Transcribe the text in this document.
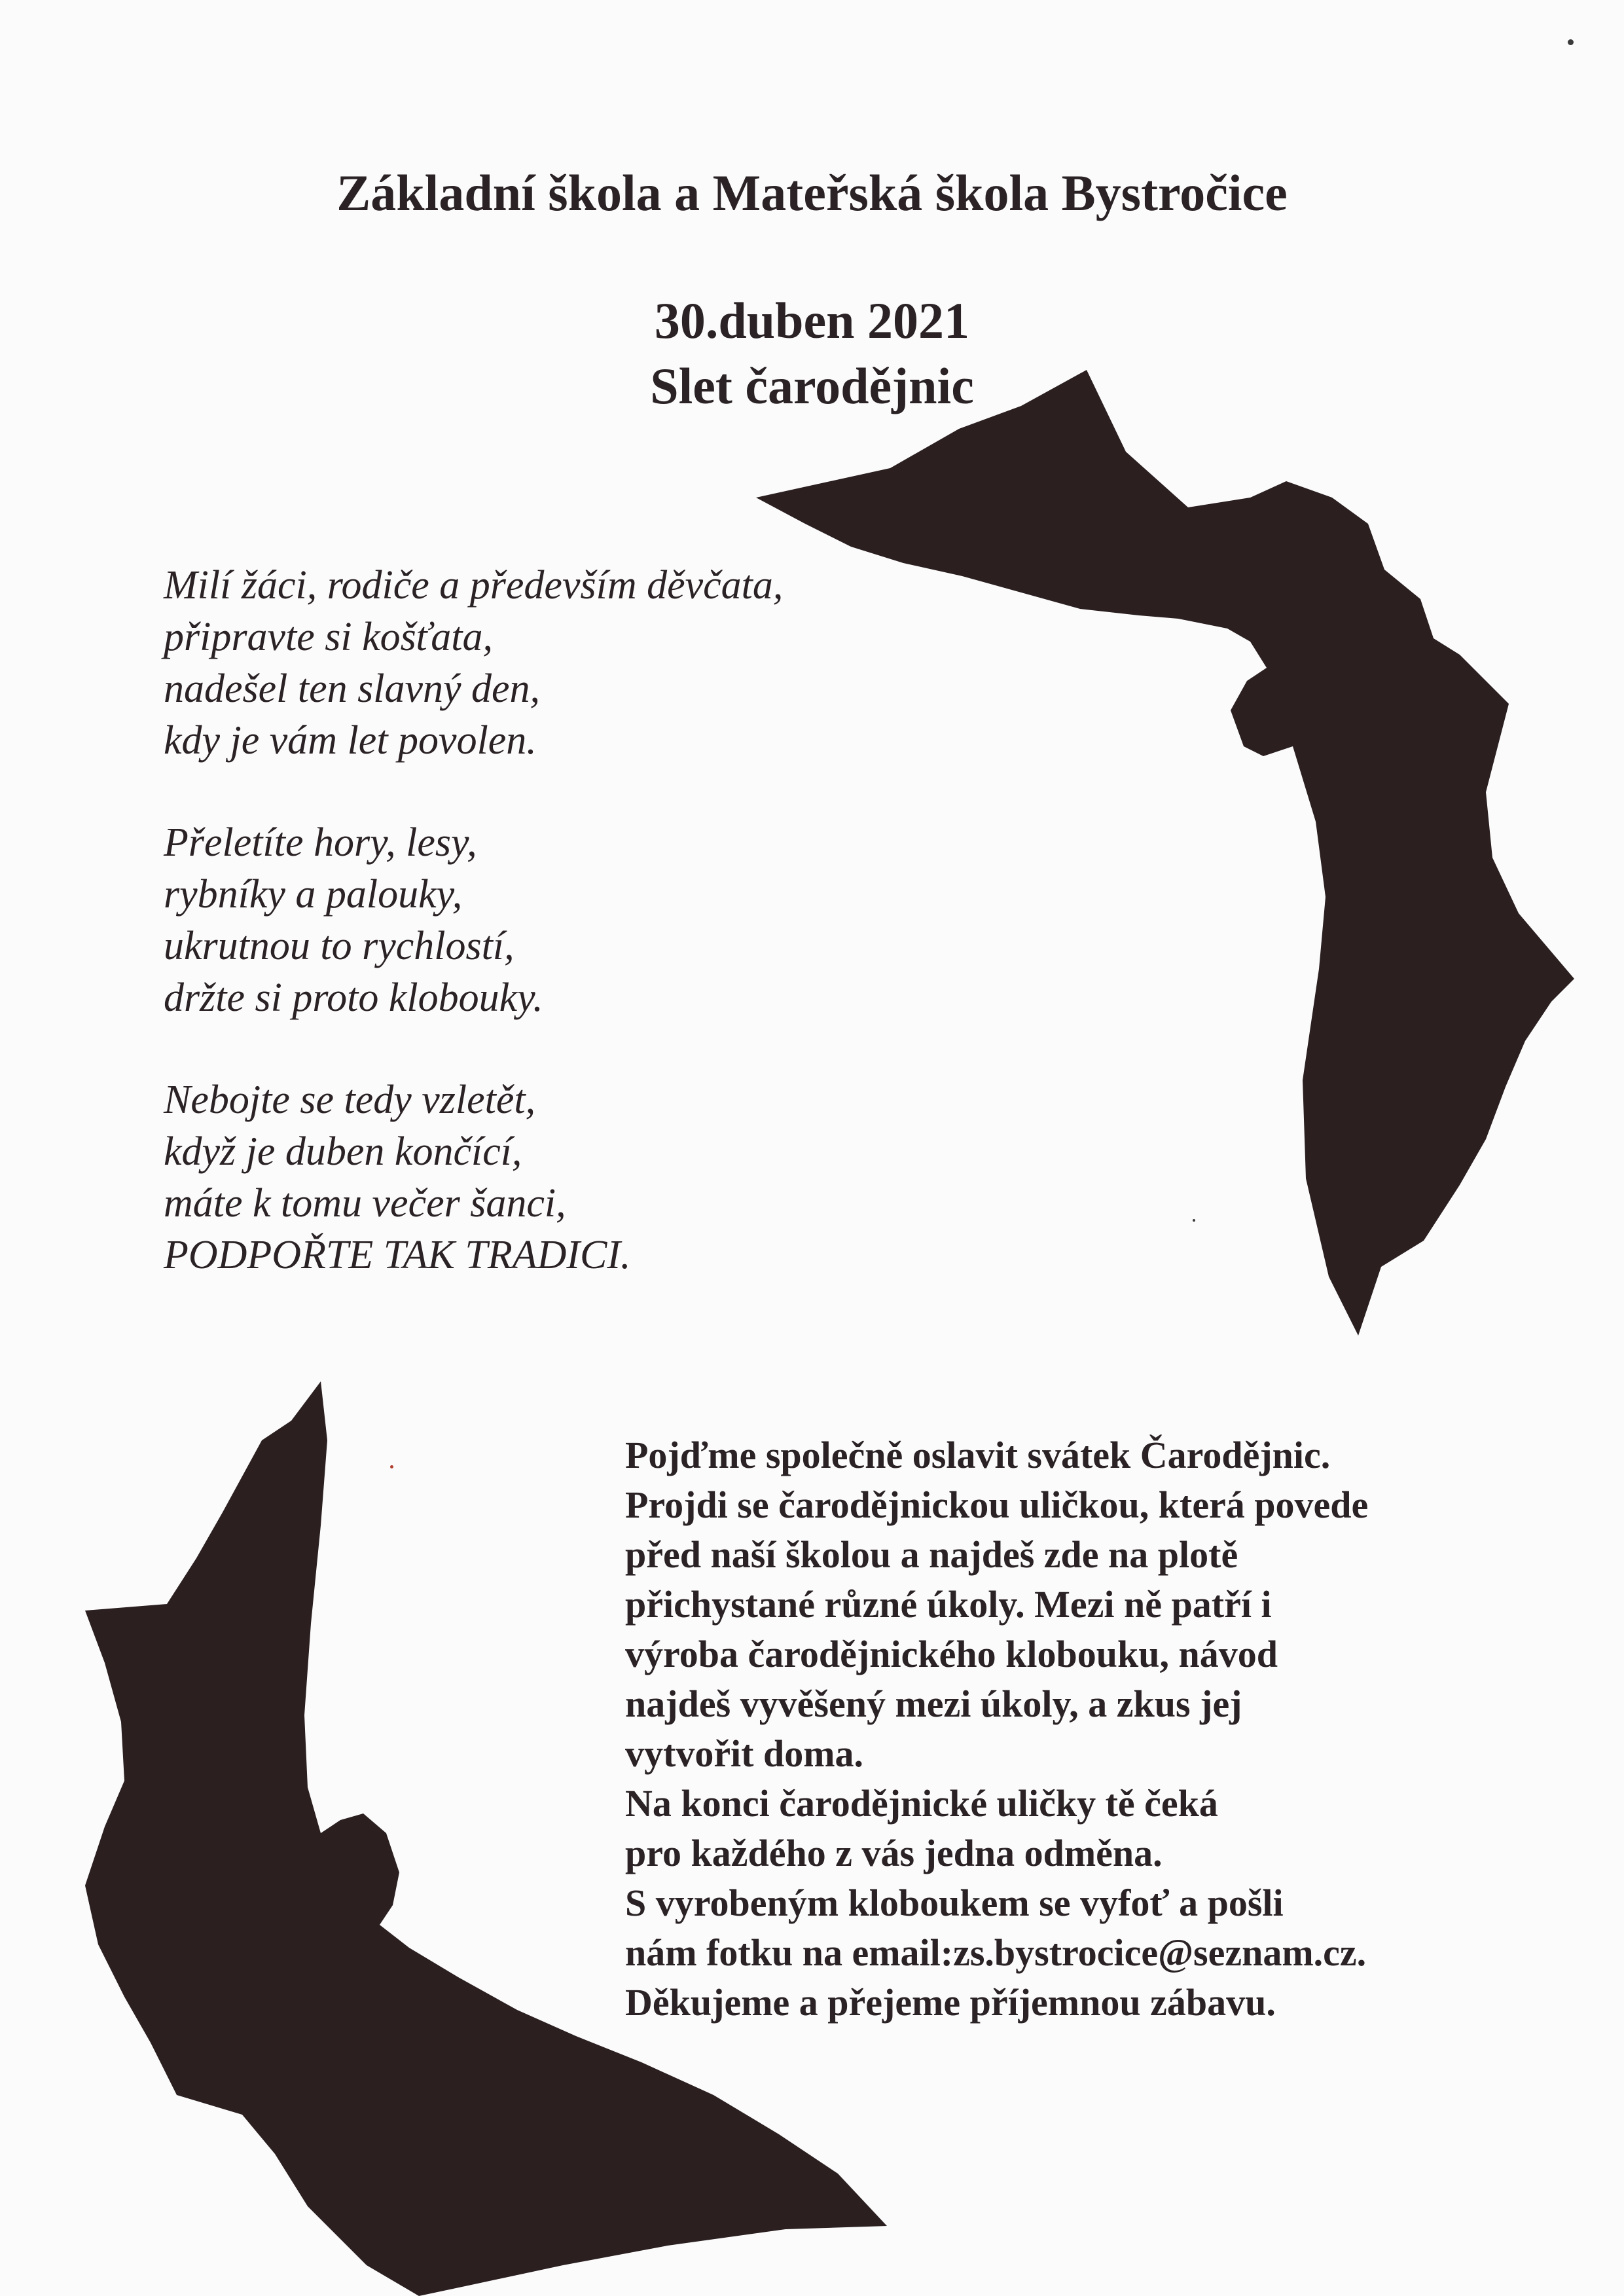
Základní škola a Mateřská škola Bystročice
30.duben 2021
Slet čarodějnic
Milí žáci, rodiče a především děvčata,
připravte si košťata,
nadešel ten slavný den,
kdy je vám let povolen.
Přeletíte hory, lesy,
rybníky a palouky,
ukrutnou to rychlostí,
držte si proto klobouky.
Nebojte se tedy vzletět,
když je duben končící,
máte k tomu večer šanci,
PODPOŘTE TAK TRADICI.
Pojďme společně oslavit svátek Čarodějnic.
Projdi se čarodějnickou uličkou, která povede
před naší školou a najdeš zde na plotě
přichystané různé úkoly. Mezi ně patří i
výroba čarodějnického klobouku, návod
najdeš vyvěšený mezi úkoly, a zkus jej
vytvořit doma.
Na konci čarodějnické uličky tě čeká
pro každého z vás jedna odměna.
S vyrobeným kloboukem se vyfoť a pošli
nám fotku na email:zs.bystrocice@seznam.cz.
Děkujeme a přejeme příjemnou zábavu.
